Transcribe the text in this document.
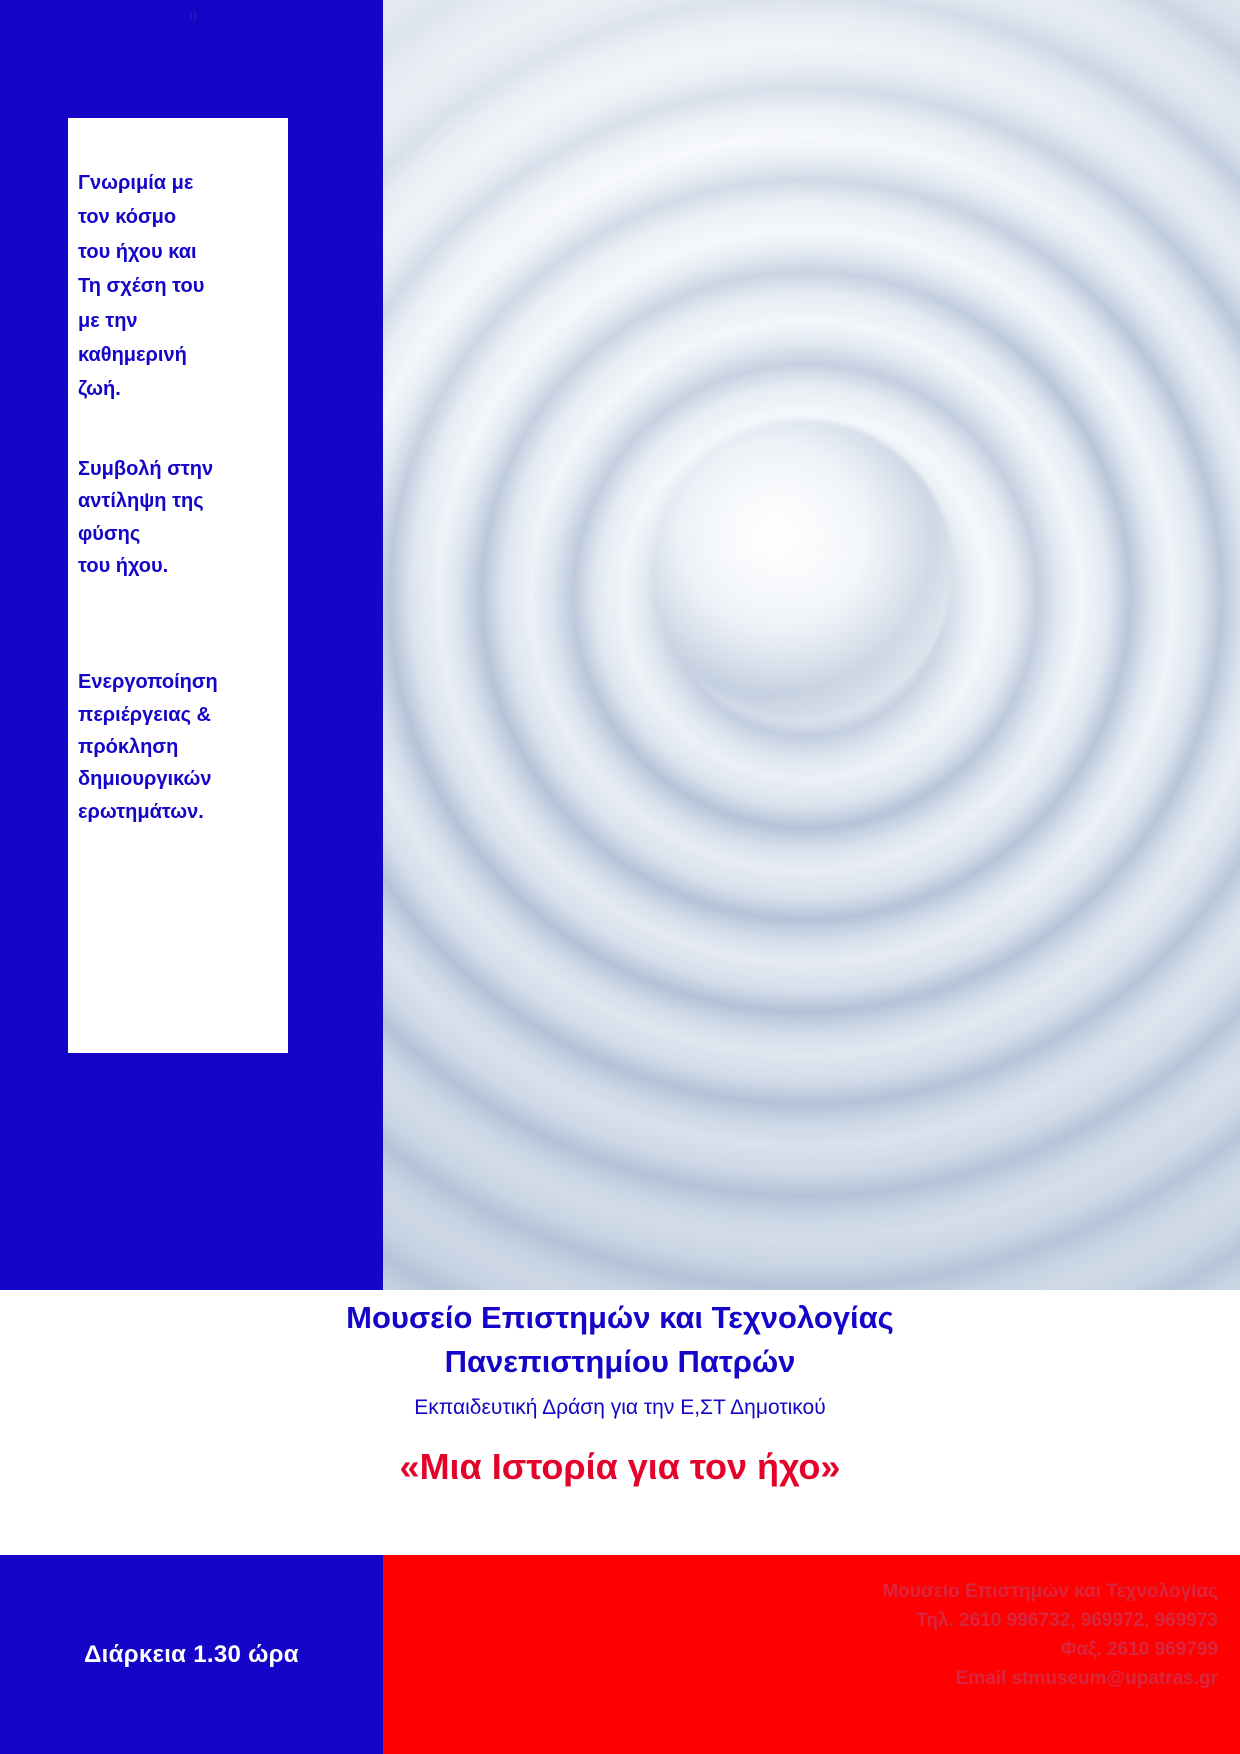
0
Γνωριμία με
τον κόσμο
του ήχου και
Τη σχέση του
με την
καθημερινή
ζωή.
Συμβολή στην
αντίληψη της
φύσης
του ήχου.
Ενεργοποίηση
περιέργειας &
πρόκληση
δημιουργικών
ερωτημάτων.
Μουσείο Επιστημών και Τεχνολογίας
Πανεπιστημίου Πατρών
Εκπαιδευτική Δράση για την Ε,ΣΤ Δημοτικού
«Μια Ιστορία για τον ήχο»
Διάρκεια 1.30 ώρα
Μουσείο Επιστημών και Τεχνολογίας
Τηλ. 2610 996732, 969972, 969973
Φαξ. 2610 969799
Email stmuseum@upatras.gr
